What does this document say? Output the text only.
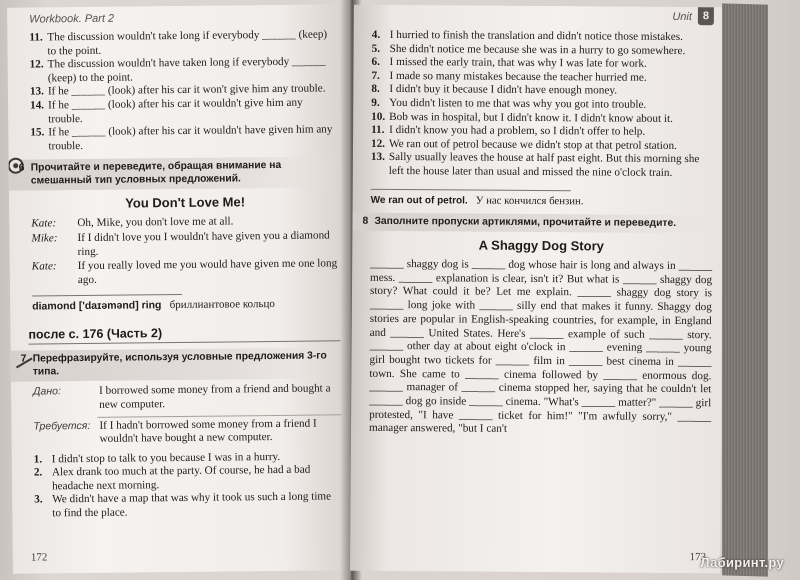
Workbook. Part 2
11. The discussion wouldn't take long if everybody ______ (keep) to the point.
12. The discussion wouldn't have taken long if everybody ______ (keep) to the point.
13. If he ______ (look) after his car it won't give him any trouble.
14. If he ______ (look) after his car it wouldn't give him any trouble.
15. If he ______ (look) after his car it wouldn't have given him any trouble.
6 Прочитайте и переведите, обращая внимание на смешанный тип условных предложений.
You Don't Love Me!
Kate:	Oh, Mike, you don't love me at all.
Mike:	If I didn't love you I wouldn't have given you a diamond ring.
Kate:	If you really loved me you would have given me one long ago.
diamond ['daɪəmənd] ring бриллиантовое кольцо
после с. 176 (Часть 2)
7 Перефразируйте, используя условные предложения 3-го типа.
Дано:	I borrowed some money from a friend and bought a new computer.
Требуется: If I hadn't borrowed some money from a friend I wouldn't have bought a new computer.
1. I didn't stop to talk to you because I was in a hurry.
2. Alex drank too much at the party. Of course, he had a bad headache next morning.
3. We didn't have a map that was why it took us such a long time to find the place.
172
Unit 8
4. I hurried to finish the translation and didn't notice those mistakes.
5. She didn't notice me because she was in a hurry to go somewhere.
6. I missed the early train, that was why I was late for work.
7. I made so many mistakes because the teacher hurried me.
8. I didn't buy it because I didn't have enough money.
9. You didn't listen to me that was why you got into trouble.
10. Bob was in hospital, but I didn't know it. I didn't know about it.
11. I didn't know you had a problem, so I didn't offer to help.
12. We ran out of petrol because we didn't stop at that petrol station.
13. Sally usually leaves the house at half past eight. But this morning she left the house later than usual and missed the nine o'clock train.
We ran out of petrol. У нас кончился бензин.
8 Заполните пропуски артиклями, прочитайте и переведите.
A Shaggy Dog Story
______ shaggy dog is ______ dog whose hair is long and always in ______ mess. ______ explanation is clear, isn't it? But what is ______ shaggy dog story? What could it be? Let me explain. ______ shaggy dog story is ______ long joke with ______ silly end that makes it funny. Shaggy dog stories are popular in English-speaking countries, for example, in England and ______ United States. Here's ______ example of such ______ story. ______ other day at about eight o'clock in ______ evening ______ young girl bought two tickets for ______ film in ______ best cinema in ______ town. She came to ______ cinema followed by ______ enormous dog. ______ manager of ______ cinema stopped her, saying that he couldn't let ______ dog go inside ______ cinema. "What's ______ matter?" ______ girl protested, "I have ______ ticket for him!" "I'm awfully sorry," ______ manager answered, "but I can't
173
Лабиринт.ру
